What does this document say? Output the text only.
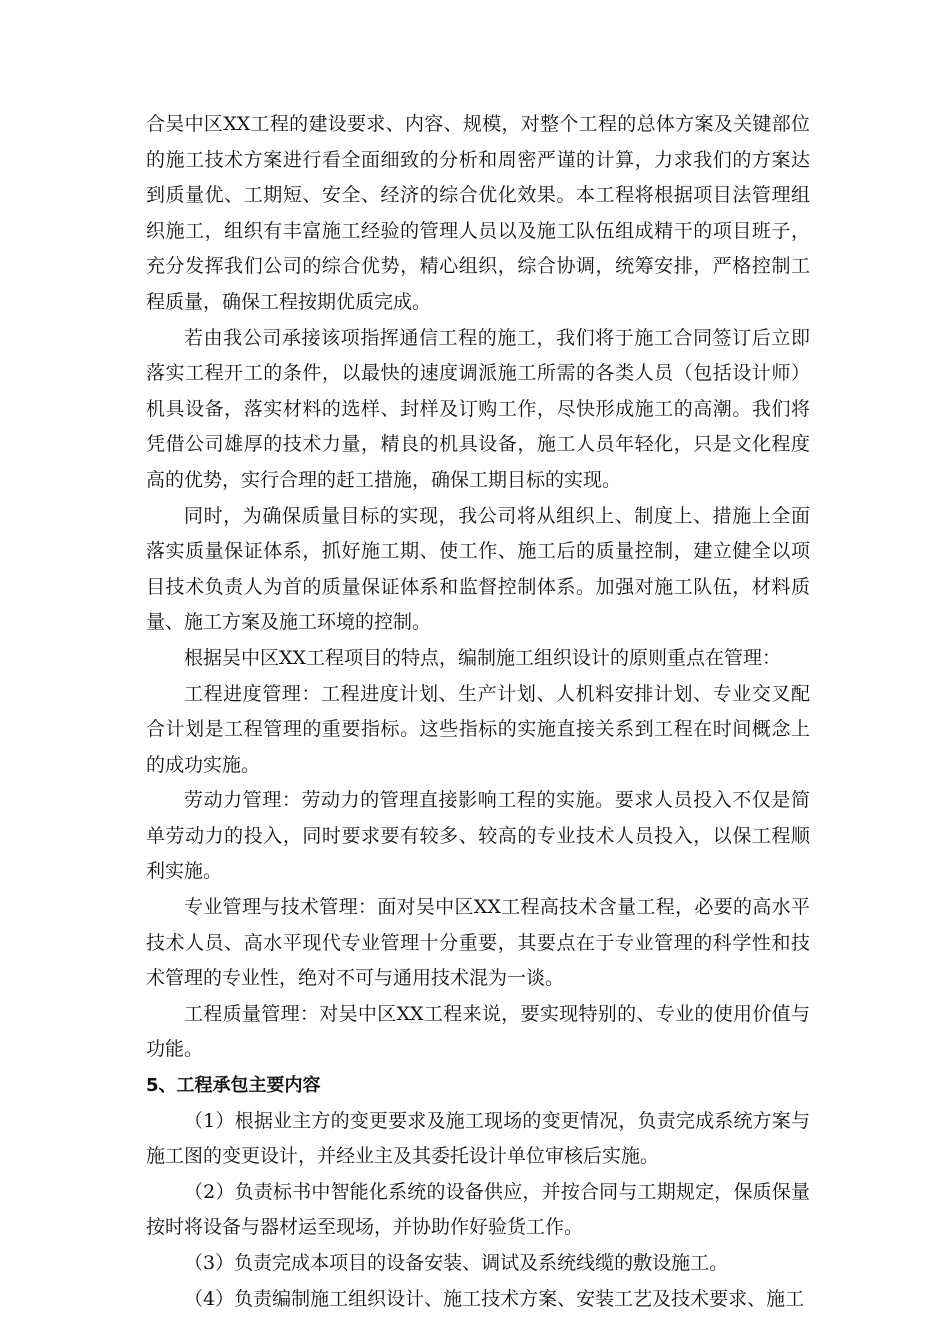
合吴中区XX工程的建设要求、内容、规模，对整个工程的总体方案及关键部位的施工技术方案进行看全面细致的分析和周密严谨的计算，力求我们的方案达到质量优、工期短、安全、经济的综合优化效果。本工程将根据项目法管理组织施工，组织有丰富施工经验的管理人员以及施工队伍组成精干的项目班子，充分发挥我们公司的综合优势，精心组织，综合协调，统筹安排，严格控制工程质量，确保工程按期优质完成。

若由我公司承接该项指挥通信工程的施工，我们将于施工合同签订后立即落实工程开工的条件，以最快的速度调派施工所需的各类人员（包括设计师）机具设备，落实材料的选样、封样及订购工作，尽快形成施工的高潮。我们将凭借公司雄厚的技术力量，精良的机具设备，施工人员年轻化，只是文化程度高的优势，实行合理的赶工措施，确保工期目标的实现。

同时，为确保质量目标的实现，我公司将从组织上、制度上、措施上全面落实质量保证体系，抓好施工期、使工作、施工后的质量控制，建立健全以项目技术负责人为首的质量保证体系和监督控制体系。加强对施工队伍，材料质量、施工方案及施工环境的控制。

根据吴中区XX工程项目的特点，编制施工组织设计的原则重点在管理：

工程进度管理：工程进度计划、生产计划、人机料安排计划、专业交叉配合计划是工程管理的重要指标。这些指标的实施直接关系到工程在时间概念上的成功实施。

劳动力管理：劳动力的管理直接影响工程的实施。要求人员投入不仅是简单劳动力的投入，同时要求要有较多、较高的专业技术人员投入，以保工程顺利实施。

专业管理与技术管理：面对吴中区XX工程高技术含量工程，必要的高水平技术人员、高水平现代专业管理十分重要，其要点在于专业管理的科学性和技术管理的专业性，绝对不可与通用技术混为一谈。

工程质量管理：对吴中区XX工程来说，要实现特别的、专业的使用价值与功能。

5、工程承包主要内容

（1）根据业主方的变更要求及施工现场的变更情况，负责完成系统方案与施工图的变更设计，并经业主及其委托设计单位审核后实施。

（2）负责标书中智能化系统的设备供应，并按合同与工期规定，保质保量按时将设备与器材运至现场，并协助作好验货工作。

（3）负责完成本项目的设备安装、调试及系统线缆的敷设施工。

（4）负责编制施工组织设计、施工技术方案、安装工艺及技术要求、施工
